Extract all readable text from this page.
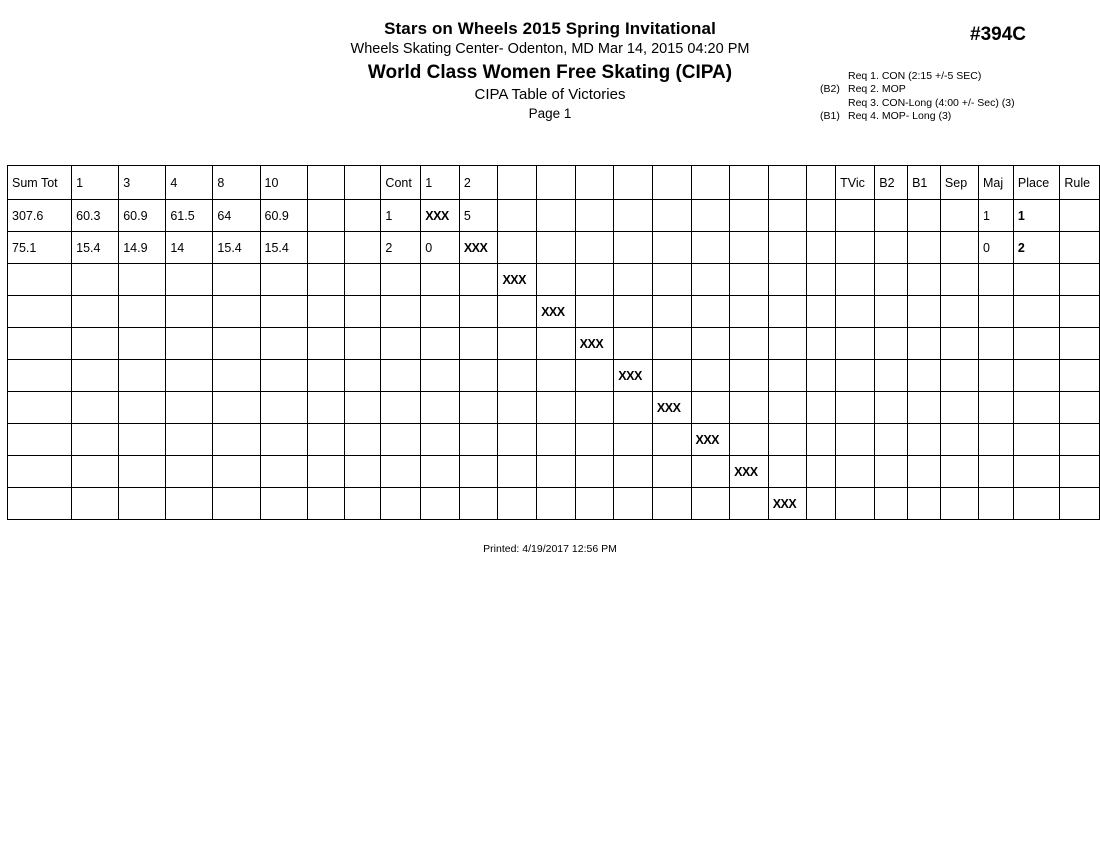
Stars on Wheels 2015 Spring Invitational
Wheels Skating Center- Odenton, MD Mar 14, 2015 04:20 PM
World Class Women Free Skating (CIPA)
CIPA Table of Victories
Page 1
#394C
Req 1. CON (2:15 +/-5 SEC)
(B2) Req 2. MOP
Req 3. CON-Long (4:00 +/- Sec) (3)
(B1) Req 4. MOP- Long (3)
Sum Tot	1	3	4	8	10			Cont	1	2										TVic	B2	B1	Sep	Maj	Place	Rule
307.6	60.3	60.9	61.5	64	60.9			1	XXX	5														1	1	
75.1	15.4	14.9	14	15.4	15.4			2	0	XXX														0	2	
											XXX															
												XXX														
													XXX													
														XXX												
															XXX											
																XXX										
																	XXX									
																		XXX								
Printed: 4/19/2017 12:56 PM
